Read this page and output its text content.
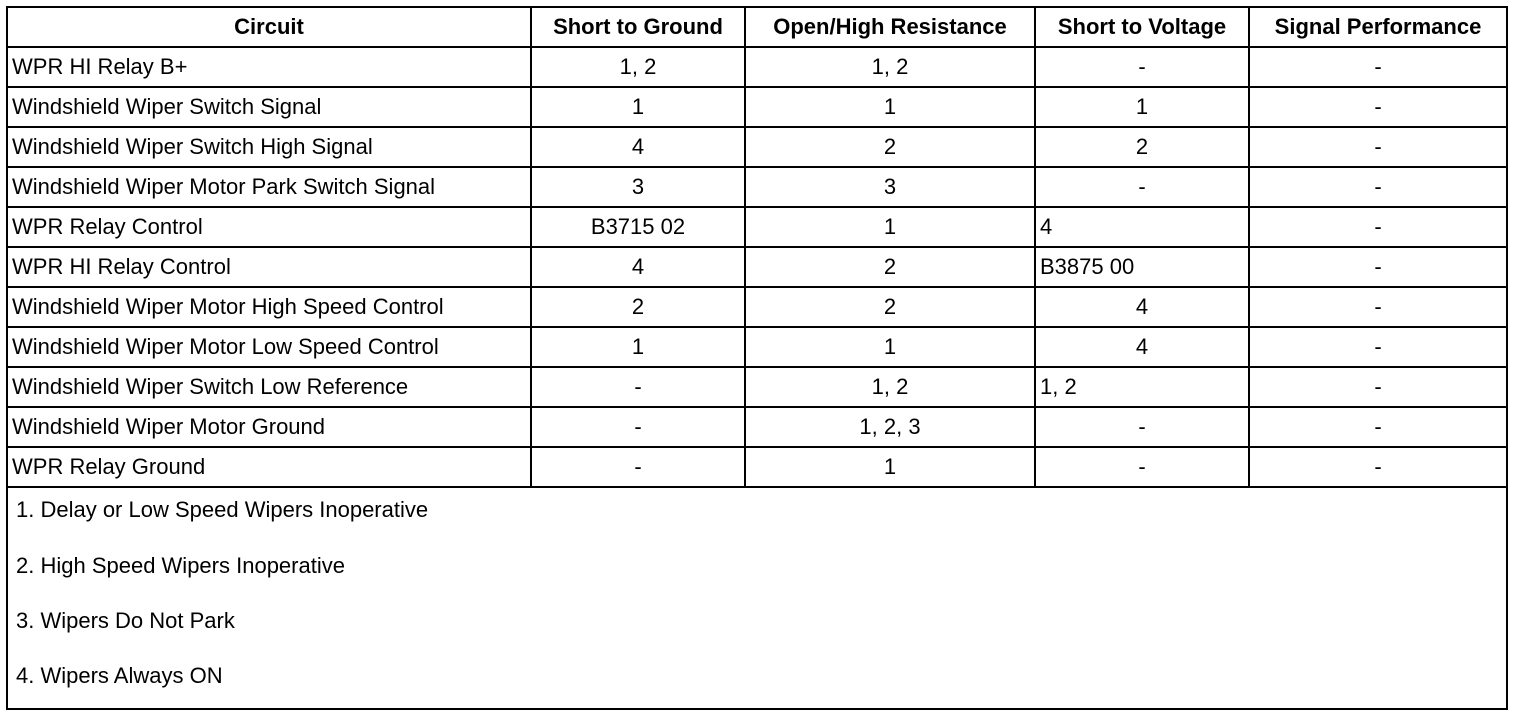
Circuit	Short to Ground	Open/High Resistance	Short to Voltage	Signal Performance
WPR HI Relay B+	1, 2	1, 2	-	-
Windshield Wiper Switch Signal	1	1	1	-
Windshield Wiper Switch High Signal	4	2	2	-
Windshield Wiper Motor Park Switch Signal	3	3	-	-
WPR Relay Control	B3715 02	1	4	-
WPR HI Relay Control	4	2	B3875 00	-
Windshield Wiper Motor High Speed Control	2	2	4	-
Windshield Wiper Motor Low Speed Control	1	1	4	-
Windshield Wiper Switch Low Reference	-	1, 2	1, 2	-
Windshield Wiper Motor Ground	-	1, 2, 3	-	-
WPR Relay Ground	-	1	-	-

1. Delay or Low Speed Wipers Inoperative
2. High Speed Wipers Inoperative
3. Wipers Do Not Park
4. Wipers Always ON				
